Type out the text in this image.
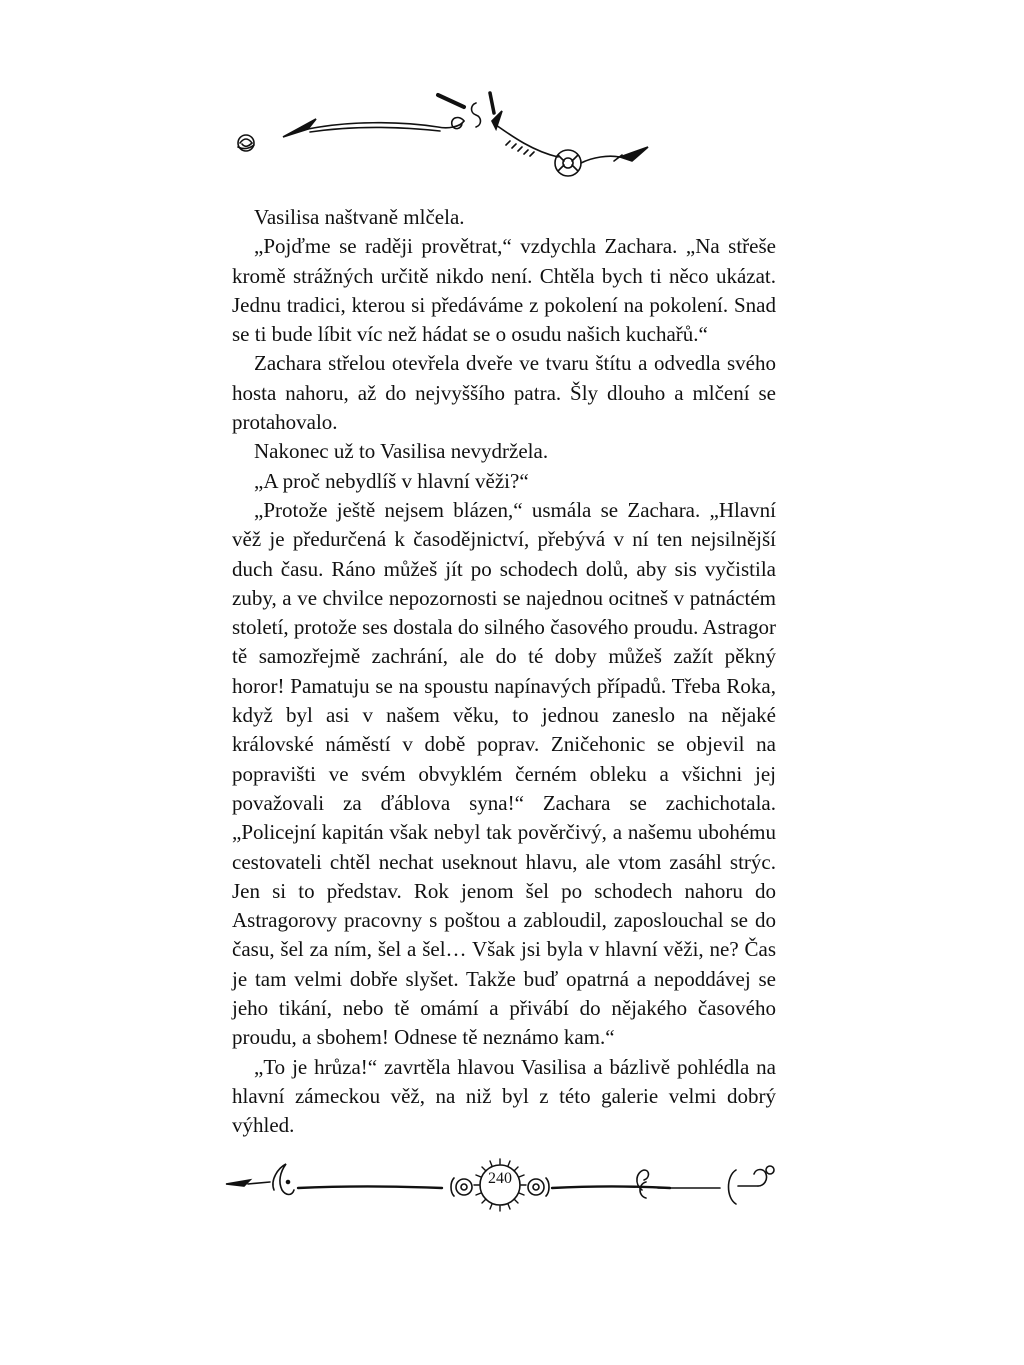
Vasilisa naštvaně mlčela.

„Pojďme se raději provětrat,“ vzdychla Zachara. „Na střeše kromě strážných určitě nikdo není. Chtěla bych ti něco ukázat. Jednu tradici, kterou si předáváme z pokolení na pokolení. Snad se ti bude líbit víc než hádat se o osudu našich kuchařů.“

Zachara střelou otevřela dveře ve tvaru štítu a odvedla svého hosta nahoru, až do nejvyššího patra. Šly dlouho a mlčení se protahovalo.

Nakonec už to Vasilisa nevydržela.

„A proč nebydlíš v hlavní věži?“

„Protože ještě nejsem blázen,“ usmála se Zachara. „Hlavní věž je předurčená k časodějnictví, přebývá v ní ten nejsilnější duch času. Ráno můžeš jít po schodech dolů, aby sis vyčistila zuby, a ve chvilce nepozornosti se najednou ocitneš v patnáctém století, protože ses dostala do silného časového proudu. Astragor tě samozřejmě zachrání, ale do té doby můžeš zažít pěkný horor! Pamatuju se na spoustu napínavých případů. Třeba Roka, když byl asi v našem věku, to jednou zaneslo na nějaké královské náměstí v době poprav. Zničehonic se objevil na popravišti ve svém obvyklém černém obleku a všichni jej považovali za ďáblova syna!“ Zachara se zachichotala. „Policejní kapitán však nebyl tak pověrčivý, a našemu ubohému cestovateli chtěl nechat useknout hlavu, ale vtom zasáhl strýc. Jen si to představ. Rok jenom šel po schodech nahoru do Astragorovy pracovny s poštou a zabloudil, zaposlouchal se do času, šel za ním, šel a šel… Však jsi byla v hlavní věži, ne? Čas je tam velmi dobře slyšet. Takže buď opatrná a nepoddávej se jeho tikání, nebo tě omámí a přivábí do nějakého časového proudu, a sbohem! Odnese tě neznámo kam.“

„To je hrůza!“ zavrtěla hlavou Vasilisa a bázlivě pohlédla na hlavní zámeckou věž, na niž byl z této galerie velmi dobrý výhled.

240
